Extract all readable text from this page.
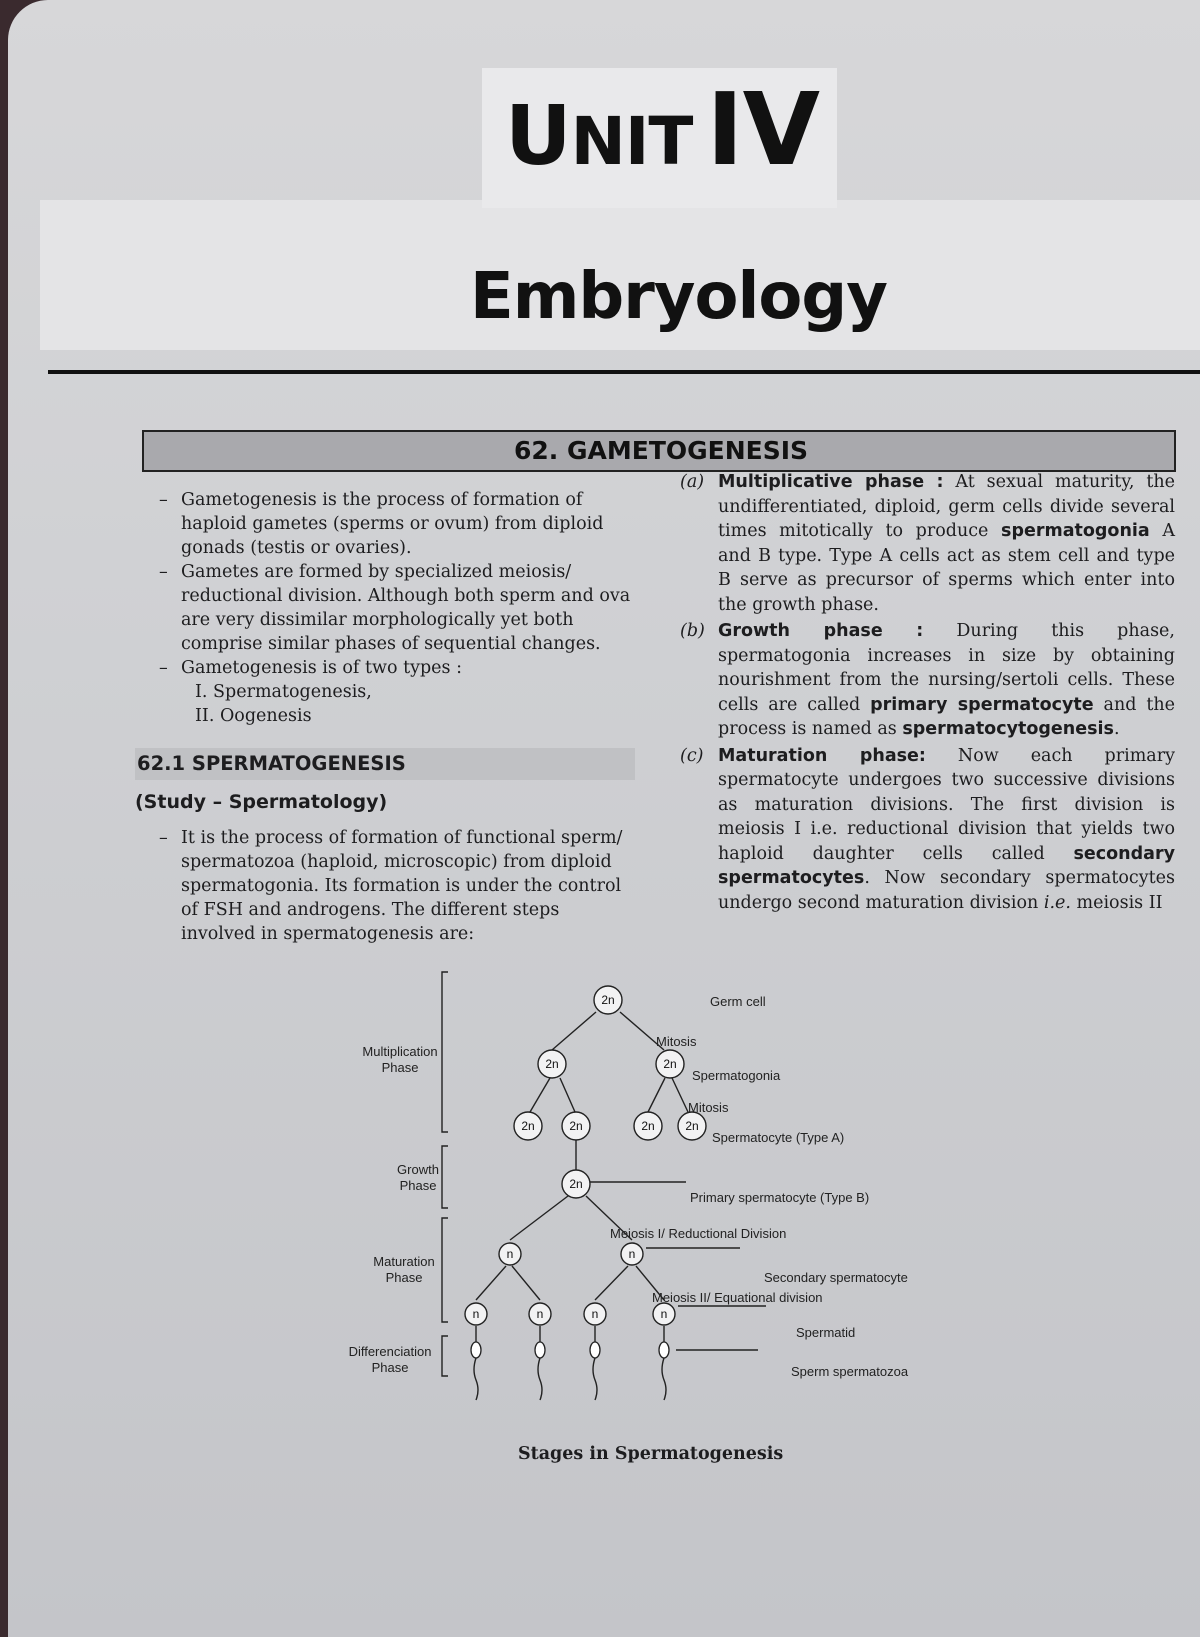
UNIT IV
Embryology
62. GAMETOGENESIS
– Gametogenesis is the process of formation of haploid gametes (sperms or ovum) from diploid gonads (testis or ovaries).
– Gametes are formed by specialized meiosis/ reductional division. Although both sperm and ova are very dissimilar morphologically yet both comprise similar phases of sequential changes.
– Gametogenesis is of two types :
I. Spermatogenesis,
II. Oogenesis
62.1 SPERMATOGENESIS
(Study – Spermatology)
– It is the process of formation of functional sperm/ spermatozoa (haploid, microscopic) from diploid spermatogonia. Its formation is under the control of FSH and androgens. The different steps involved in spermatogenesis are:
(a) Multiplicative phase : At sexual maturity, the undifferentiated, diploid, germ cells divide several times mitotically to produce spermatogonia A and B type. Type A cells act as stem cell and type B serve as precursor of sperms which enter into the growth phase.
(b) Growth phase : During this phase, spermatogonia increases in size by obtaining nourishment from the nursing/sertoli cells. These cells are called primary spermatocyte and the process is named as spermatocytogenesis.
(c) Maturation phase: Now each primary spermatocyte undergoes two successive divisions as maturation divisions. The first division is meiosis I i.e. reductional division that yields two haploid daughter cells called secondary spermatocytes. Now secondary spermatocytes undergo second maturation division i.e. meiosis II
2n
2n	2n
2n	2n	2n	2n
2n
n	n
n	n	n	n
Multiplication
Phase
Growth
Phase
Maturation
Phase
Differenciation
Phase
Germ cell
Mitosis
Spermatogonia
Mitosis
Spermatocyte (Type A)
Primary spermatocyte (Type B)
Meiosis I/ Reductional Division
Secondary spermatocyte
Meiosis II/ Equational division
Spermatid
Sperm spermatozoa
Stages in Spermatogenesis
